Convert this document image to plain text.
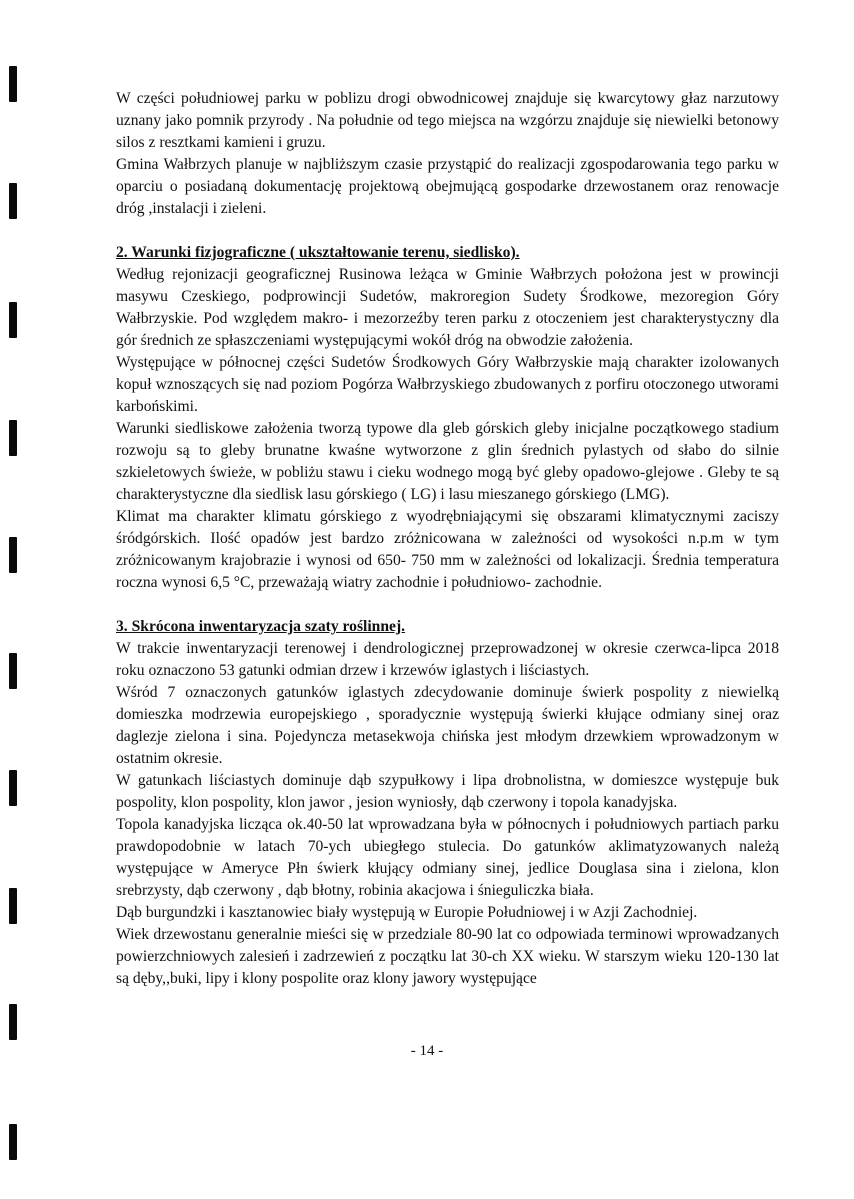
W części południowej parku w poblizu drogi obwodnicowej znajduje się kwarcytowy głaz narzutowy uznany jako pomnik przyrody . Na południe od tego miejsca na wzgórzu znajduje się niewielki betonowy silos z resztkami kamieni i gruzu.

Gmina Wałbrzych planuje w najbliższym czasie przystąpić do realizacji zgospodarowania tego parku w oparciu o posiadaną dokumentację projektową obejmującą gospodarke drzewostanem oraz renowacje dróg ,instalacji i zieleni.

2. Warunki fizjograficzne ( ukształtowanie terenu, siedlisko).

Według rejonizacji geograficznej Rusinowa leżąca w Gminie Wałbrzych położona jest w prowincji masywu Czeskiego, podprowincji Sudetów, makroregion Sudety Środkowe, mezoregion Góry Wałbrzyskie. Pod względem makro- i mezorzeźby teren parku z otoczeniem jest charakterystyczny dla gór średnich ze spłaszczeniami występującymi wokół dróg na obwodzie założenia.

Występujące w północnej części Sudetów Środkowych Góry Wałbrzyskie mają charakter izolowanych kopuł wznoszących się nad poziom Pogórza Wałbrzyskiego zbudowanych z porfiru otoczonego utworami karbońskimi.

Warunki siedliskowe założenia tworzą typowe dla gleb górskich gleby inicjalne początkowego stadium rozwoju są to gleby brunatne kwaśne wytworzone z glin średnich pylastych od słabo do silnie szkieletowych świeże, w pobliżu stawu i cieku wodnego mogą być gleby opadowo-glejowe . Gleby te są charakterystyczne dla siedlisk lasu górskiego ( LG) i lasu mieszanego górskiego (LMG).

Klimat ma charakter klimatu górskiego z wyodrębniającymi się obszarami klimatycznymi zaciszy śródgórskich. Ilość opadów jest bardzo zróżnicowana w zależności od wysokości n.p.m w tym zróżnicowanym krajobrazie i wynosi od 650- 750 mm w zależności od lokalizacji. Średnia temperatura roczna wynosi 6,5 °C, przeważają wiatry zachodnie i południowo- zachodnie.

3. Skrócona inwentaryzacja szaty roślinnej.

W trakcie inwentaryzacji terenowej i dendrologicznej przeprowadzonej w okresie czerwca-lipca 2018 roku oznaczono 53 gatunki odmian drzew i krzewów iglastych i liściastych.

Wśród 7 oznaczonych gatunków iglastych zdecydowanie dominuje świerk pospolity z niewielką domieszka modrzewia europejskiego , sporadycznie występują świerki kłujące odmiany sinej oraz daglezje zielona i sina. Pojedyncza metasekwoja chińska jest młodym drzewkiem wprowadzonym w ostatnim okresie.

W gatunkach liściastych dominuje dąb szypułkowy i lipa drobnolistna, w domieszce występuje buk pospolity, klon pospolity, klon jawor , jesion wyniosły, dąb czerwony i topola kanadyjska.

Topola kanadyjska licząca ok.40-50 lat wprowadzana była w północnych i południowych partiach parku prawdopodobnie w latach 70-ych ubiegłego stulecia. Do gatunków aklimatyzowanych należą występujące w Ameryce Płn świerk kłujący odmiany sinej, jedlice Douglasa sina i zielona, klon srebrzysty, dąb czerwony , dąb błotny, robinia akacjowa i śnieguliczka biała.

Dąb burgundzki i kasztanowiec biały występują w Europie Południowej i w Azji Zachodniej.

Wiek drzewostanu generalnie mieści się w przedziale 80-90 lat co odpowiada terminowi wprowadzanych powierzchniowych zalesień i zadrzewień z początku lat 30-ch XX wieku. W starszym wieku 120-130 lat są dęby,,buki, lipy i klony pospolite oraz klony jawory występujące

- 14 -
